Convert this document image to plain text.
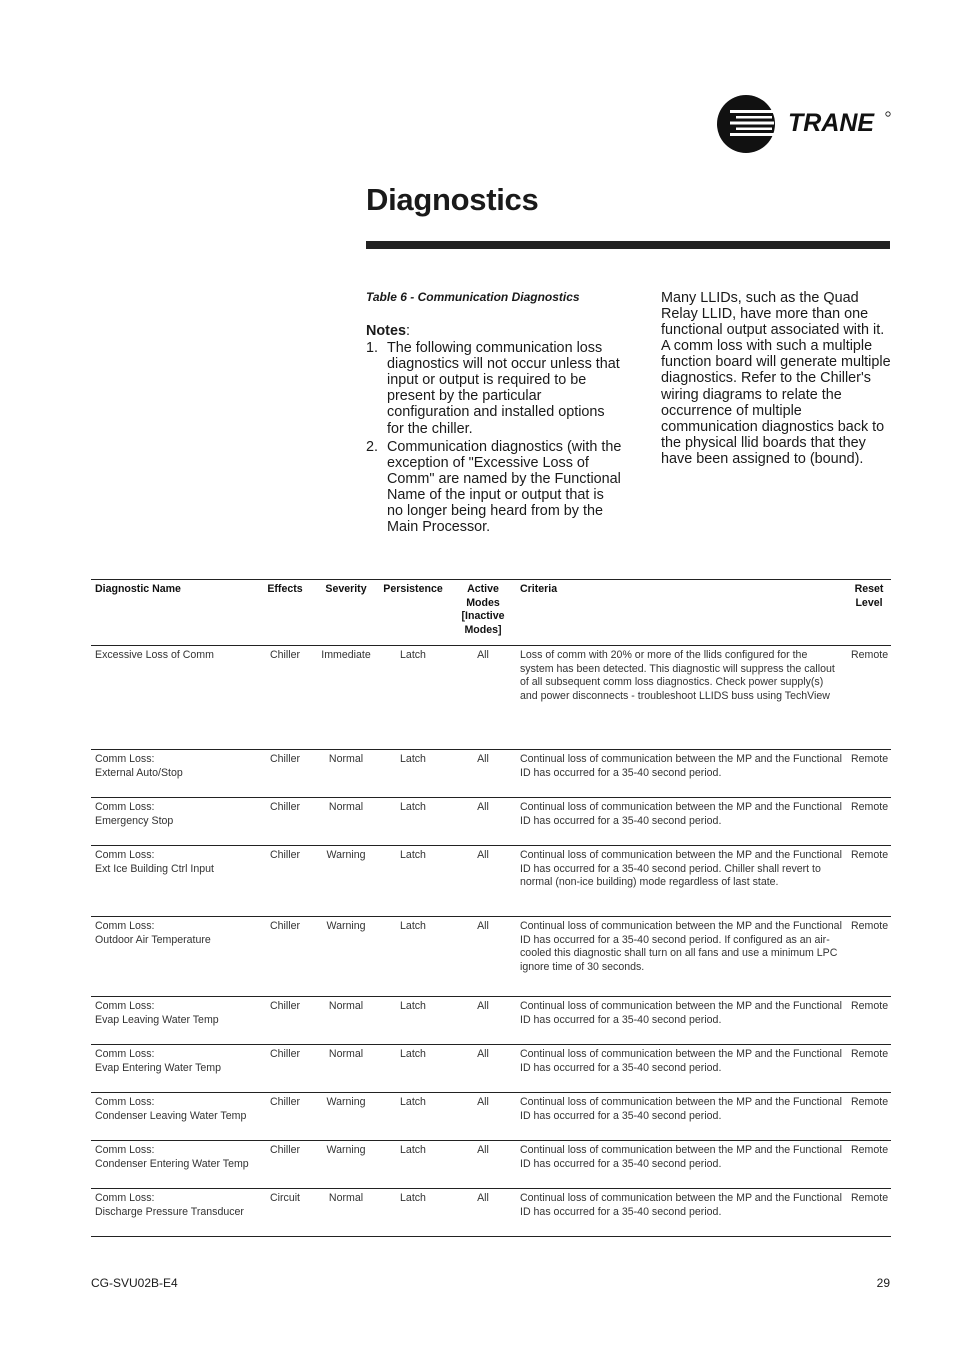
TRANE
Diagnostics

Table 6 - Communication Diagnostics

Notes:

1. The following communication loss diagnostics will not occur unless that input or output is required to be present by the particular configuration and installed options for the chiller.
2. Communication diagnostics (with the exception of "Excessive Loss of Comm" are named by the Functional Name of the input or output that is no longer being heard from by the Main Processor.

Many LLIDs, such as the Quad Relay LLID, have more than one functional output associated with it. A comm loss with such a multiple function board will generate multiple diagnostics. Refer to the Chiller's wiring diagrams to relate the occurrence of multiple communication diagnostics back to the physical llid boards that they have been assigned to (bound).

Diagnostic Name	Effects	Severity	Persistence	Active Modes [Inactive Modes]	Criteria	Reset Level
Excessive Loss of Comm	Chiller	Immediate	Latch	All	Loss of comm with 20% or more of the llids configured for the system has been detected. This diagnostic will suppress the callout of all subsequent comm loss diagnostics. Check power supply(s) and power disconnects - troubleshoot LLIDS buss using TechView	Remote
Comm Loss:
External Auto/Stop	Chiller	Normal	Latch	All	Continual loss of communication between the MP and the Functional ID has occurred for a 35-40 second period.	Remote
Comm Loss:
Emergency Stop	Chiller	Normal	Latch	All	Continual loss of communication between the MP and the Functional ID has occurred for a 35-40 second period.	Remote
Comm Loss:
Ext Ice Building Ctrl Input	Chiller	Warning	Latch	All	Continual loss of communication between the MP and the Functional ID has occurred for a 35-40 second period. Chiller shall revert to normal (non-ice building) mode regardless of last state.	Remote
Comm Loss:
Outdoor Air Temperature	Chiller	Warning	Latch	All	Continual loss of communication between the MP and the Functional ID has occurred for a 35-40 second period. If configured as an air-cooled this diagnostic shall turn on all fans and use a minimum LPC ignore time of 30 seconds.	Remote
Comm Loss:
Evap Leaving Water Temp	Chiller	Normal	Latch	All	Continual loss of communication between the MP and the Functional ID has occurred for a 35-40 second period.	Remote
Comm Loss:
Evap Entering Water Temp	Chiller	Normal	Latch	All	Continual loss of communication between the MP and the Functional ID has occurred for a 35-40 second period.	Remote
Comm Loss:
Condenser Leaving Water Temp	Chiller	Warning	Latch	All	Continual loss of communication between the MP and the Functional ID has occurred for a 35-40 second period.	Remote
Comm Loss:
Condenser Entering Water Temp	Chiller	Warning	Latch	All	Continual loss of communication between the MP and the Functional ID has occurred for a 35-40 second period.	Remote
Comm Loss:
Discharge Pressure Transducer	Circuit	Normal	Latch	All	Continual loss of communication between the MP and the Functional ID has occurred for a 35-40 second period.	Remote
CG-SVU02B-E4	29
